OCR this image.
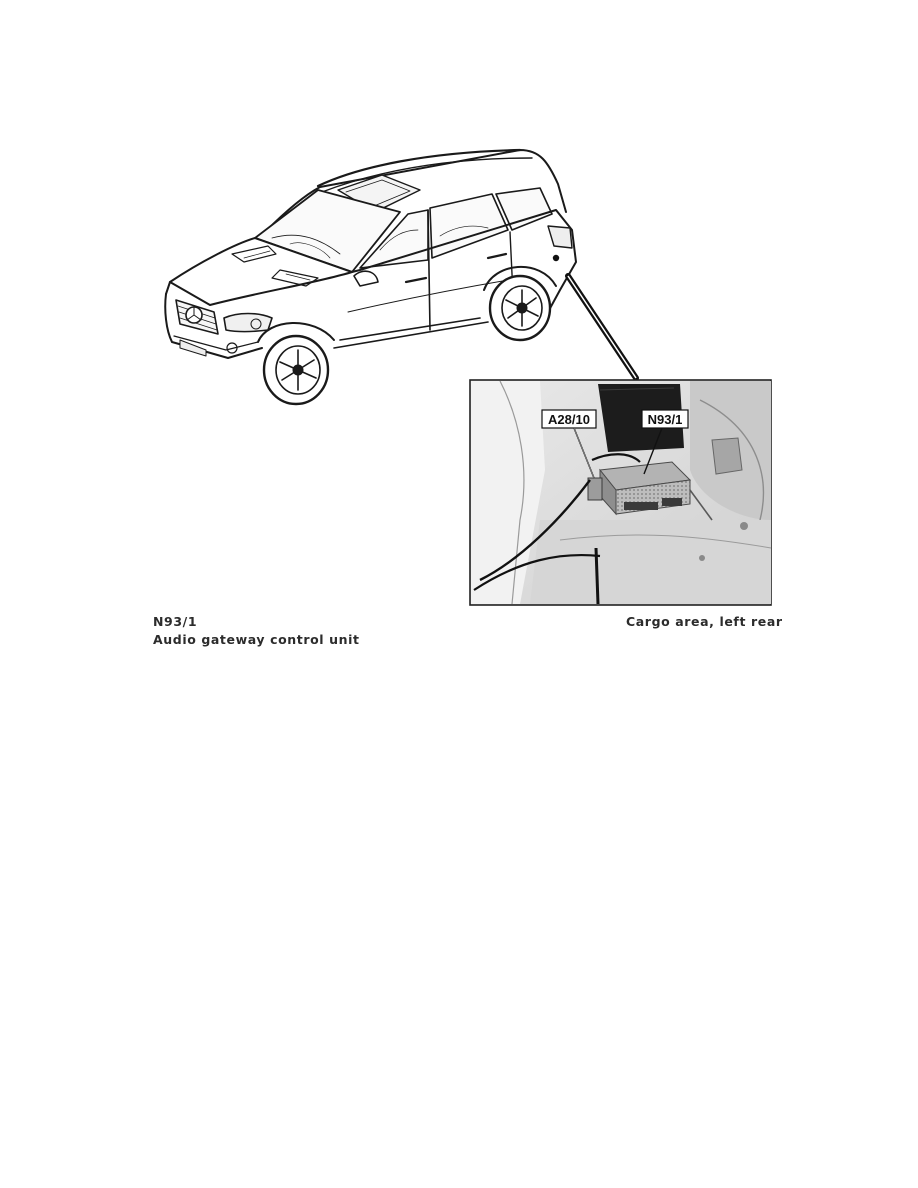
A28/10	N93/1
N93/1
Audio gateway control unit
Cargo area, left rear
